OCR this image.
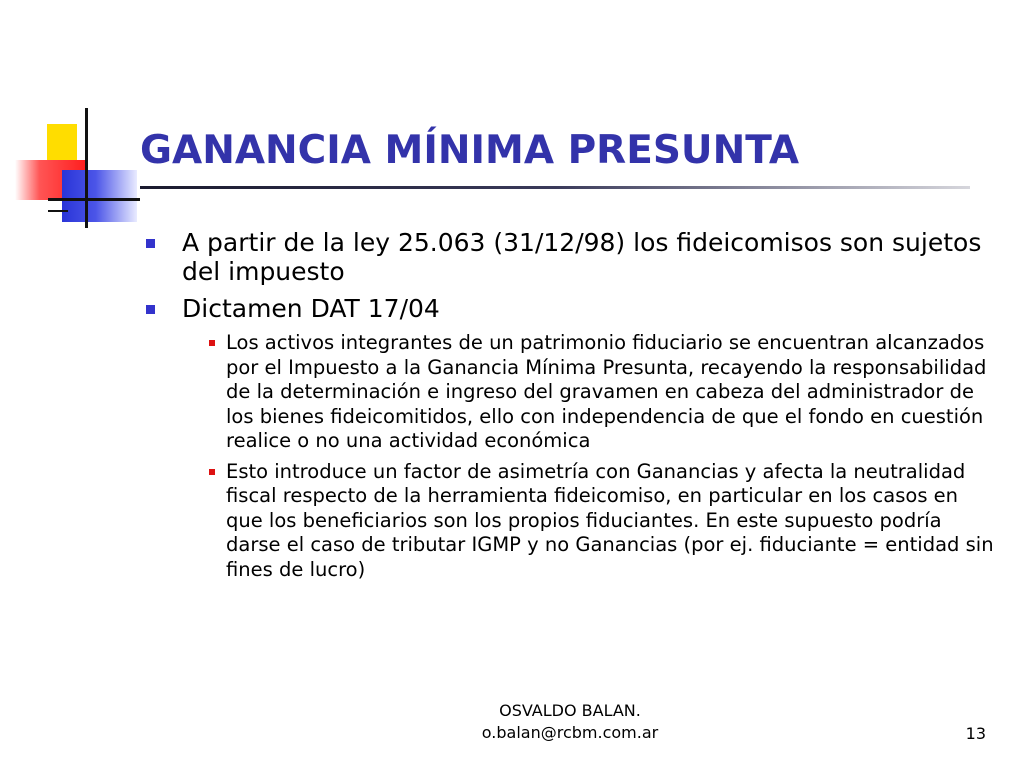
GANANCIA MÍNIMA PRESUNTA
A partir de la ley 25.063 (31/12/98) los fideicomisos son sujetos del impuesto
Dictamen DAT 17/04
Los activos integrantes de un patrimonio fiduciario se encuentran alcanzados por el Impuesto a la Ganancia Mínima Presunta, recayendo la responsabilidad de la determinación e ingreso del gravamen en cabeza del administrador de los bienes fideicomitidos, ello con independencia de que el fondo en cuestión realice o no una actividad económica
Esto introduce un factor de asimetría con Ganancias y afecta la neutralidad fiscal respecto de la herramienta fideicomiso, en particular en los casos en que los beneficiarios son los propios fiduciantes. En este supuesto podría darse el caso de tributar IGMP y no Ganancias (por ej. fiduciante = entidad sin fines de lucro)
OSVALDO BALAN.
o.balan@rcbm.com.ar	13
